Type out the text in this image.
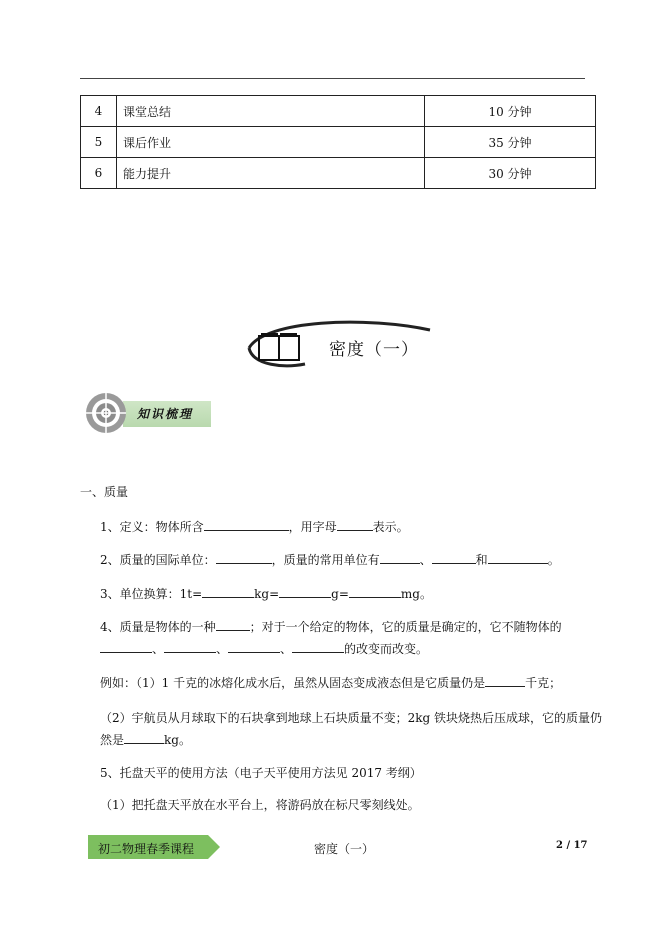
4	课堂总结	10 分钟
5	课后作业	35 分钟
6	能力提升	30 分钟
密度（一）
知识梳理
一、质量
1、定义：物体所含	，用字母	表示。
2、质量的国际单位：	，质量的常用单位有	、	和	。
3、单位换算：1t=	kg=	g=	mg。
4、质量是物体的一种	；对于一个给定的物体，它的质量是确定的，它不随物体的
、	、	、	的改变而改变。
例如：（1）1 千克的冰熔化成水后，虽然从固态变成液态但是它质量仍是	千克；
（2）宇航员从月球取下的石块拿到地球上石块质量不变；2kg 铁块烧热后压成球，它的质量仍
然是	kg。
5、托盘天平的使用方法（电子天平使用方法见 2017 考纲）
（1）把托盘天平放在水平台上，将游码放在标尺零刻线处。
初二物理春季课程	密度（一）	2 / 17
